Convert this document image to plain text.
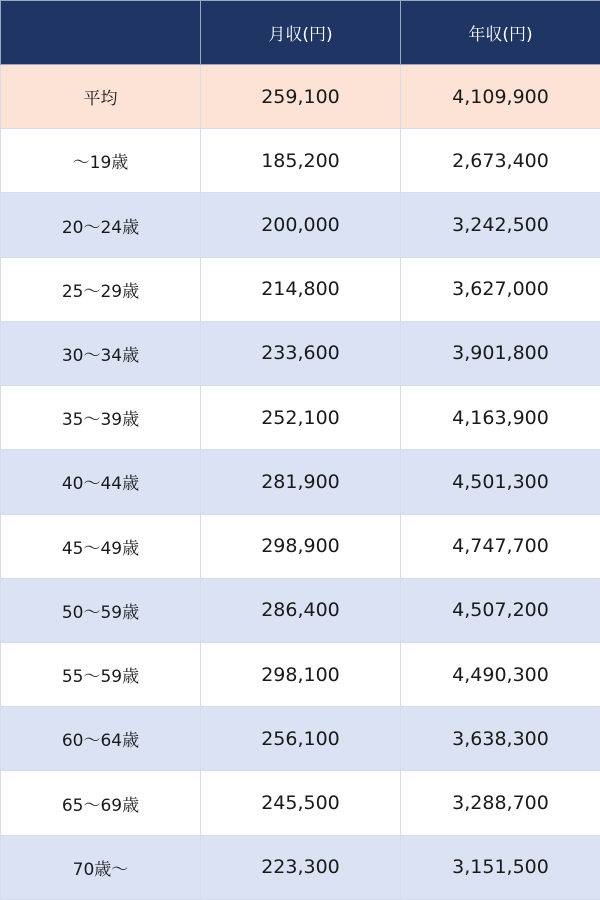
	月収(円)	年収(円)
平均	259,100	4,109,900
～19歳	185,200	2,673,400
20～24歳	200,000	3,242,500
25～29歳	214,800	3,627,000
30～34歳	233,600	3,901,800
35～39歳	252,100	4,163,900
40～44歳	281,900	4,501,300
45～49歳	298,900	4,747,700
50～59歳	286,400	4,507,200
55～59歳	298,100	4,490,300
60～64歳	256,100	3,638,300
65～69歳	245,500	3,288,700
70歳～	223,300	3,151,500
